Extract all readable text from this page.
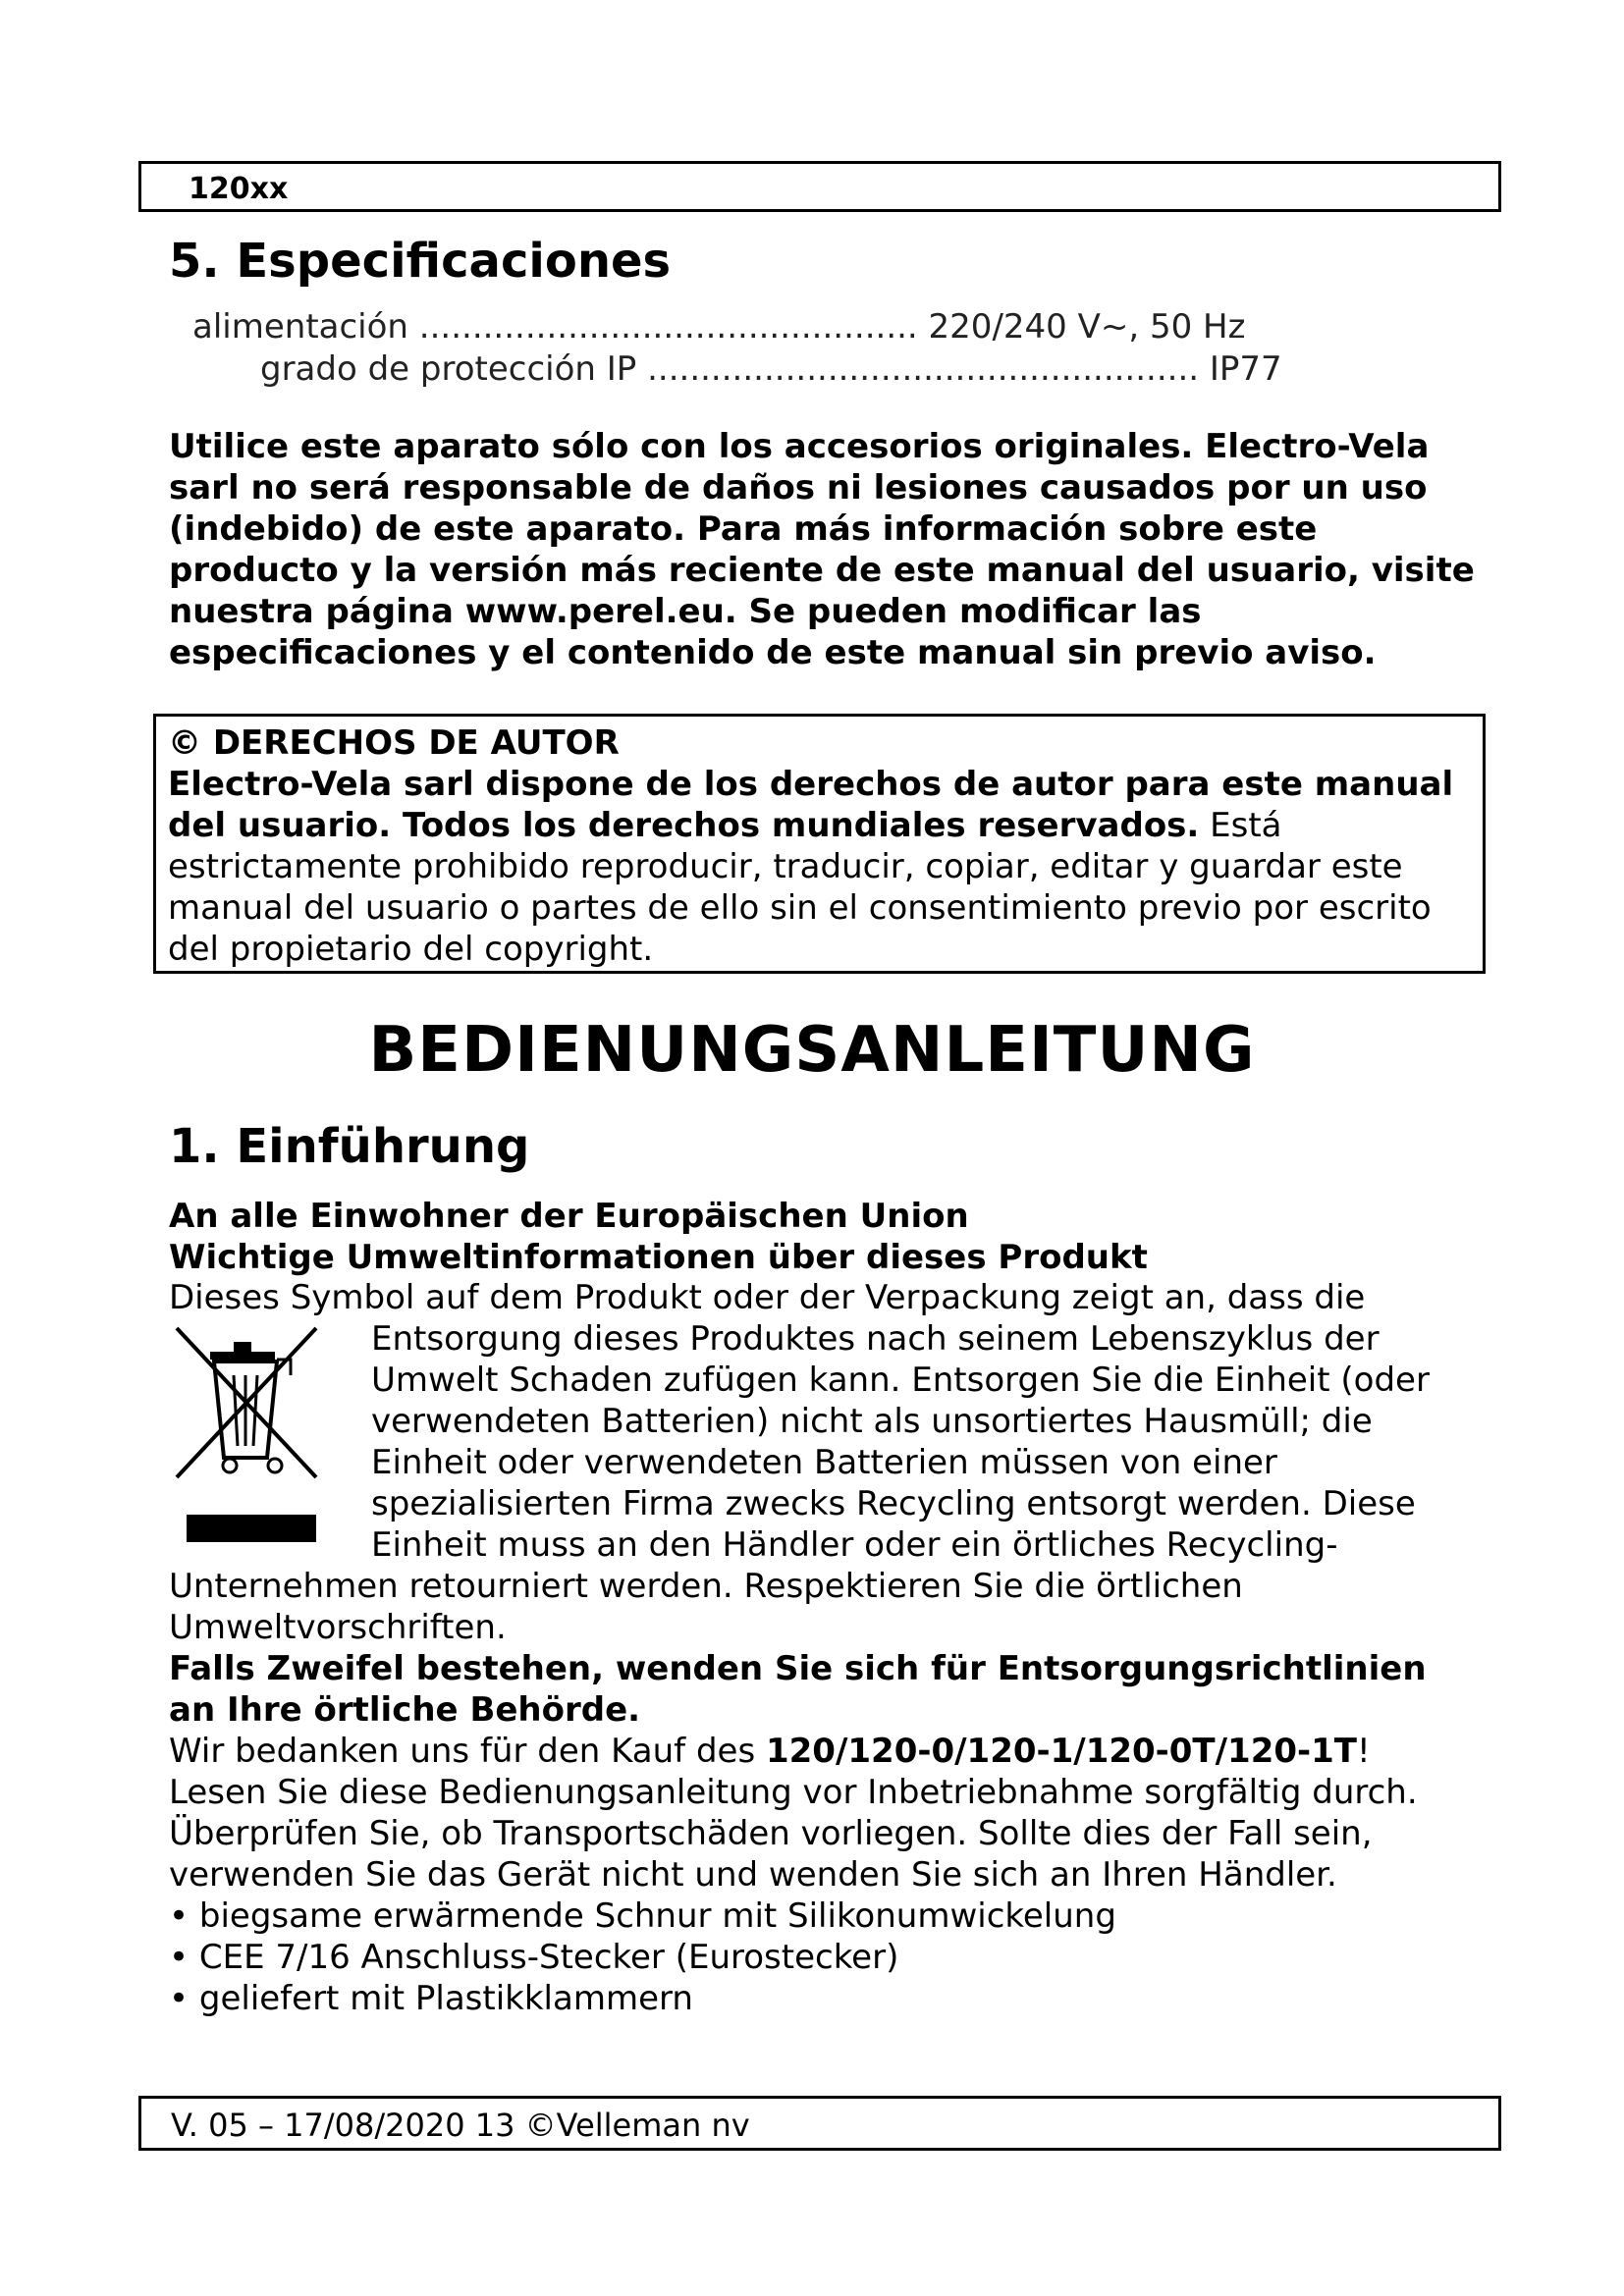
120xx
5. Especificaciones
alimentación ............................................... 220/240 V~, 50 Hz
grado de protección IP .................................................... IP77
Utilice este aparato sólo con los accesorios originales. Electro-Vela
sarl no será responsable de daños ni lesiones causados por un uso
(indebido) de este aparato. Para más información sobre este
producto y la versión más reciente de este manual del usuario, visite
nuestra página www.perel.eu. Se pueden modificar las
especificaciones y el contenido de este manual sin previo aviso.
© DERECHOS DE AUTOR
Electro-Vela sarl dispone de los derechos de autor para este manual
del usuario. Todos los derechos mundiales reservados. Está
estrictamente prohibido reproducir, traducir, copiar, editar y guardar este
manual del usuario o partes de ello sin el consentimiento previo por escrito
del propietario del copyright.
BEDIENUNGSANLEITUNG
1. Einführung
An alle Einwohner der Europäischen Union
Wichtige Umweltinformationen über dieses Produkt
Dieses Symbol auf dem Produkt oder der Verpackung zeigt an, dass die
Entsorgung dieses Produktes nach seinem Lebenszyklus der
Umwelt Schaden zufügen kann. Entsorgen Sie die Einheit (oder
verwendeten Batterien) nicht als unsortiertes Hausmüll; die
Einheit oder verwendeten Batterien müssen von einer
spezialisierten Firma zwecks Recycling entsorgt werden. Diese
Einheit muss an den Händler oder ein örtliches Recycling-
Unternehmen retourniert werden. Respektieren Sie die örtlichen
Umweltvorschriften.
Falls Zweifel bestehen, wenden Sie sich für Entsorgungsrichtlinien
an Ihre örtliche Behörde.
Wir bedanken uns für den Kauf des 120/120-0/120-1/120-0T/120-1T!
Lesen Sie diese Bedienungsanleitung vor Inbetriebnahme sorgfältig durch.
Überprüfen Sie, ob Transportschäden vorliegen. Sollte dies der Fall sein,
verwenden Sie das Gerät nicht und wenden Sie sich an Ihren Händler.
• biegsame erwärmende Schnur mit Silikonumwickelung
• CEE 7/16 Anschluss-Stecker (Eurostecker)
• geliefert mit Plastikklammern
V. 05 – 17/08/2020 13 ©Velleman nv
